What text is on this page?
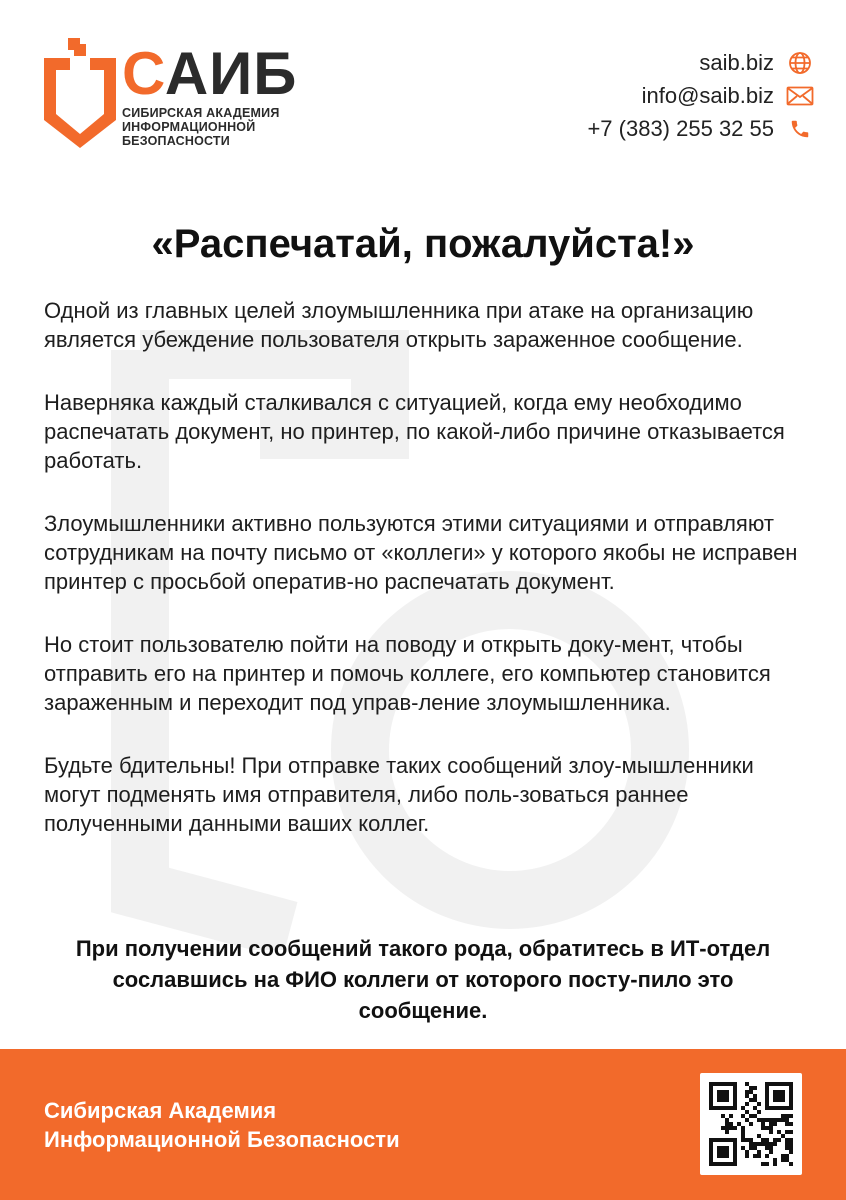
САИБ
СИБИРСКАЯ АКАДЕМИЯ
ИНФОРМАЦИОННОЙ
БЕЗОПАСНОСТИ
saib.biz
info@saib.biz
+7 (383) 255 32 55
«Распечатай, пожалуйста!»

Одной из главных целей злоумышленника при атаке на организацию является убеждение пользователя открыть зараженное сообщение.

Наверняка каждый сталкивался с ситуацией, когда ему необходимо распечатать документ, но принтер, по какой-либо причине отказывается работать.

Злоумышленники активно пользуются этими ситуациями и отправляют сотрудникам на почту письмо от «коллеги» у которого якобы не исправен принтер с просьбой оператив-но распечатать документ.

Но стоит пользователю пойти на поводу и открыть доку-мент, чтобы отправить его на принтер и помочь коллеге, его компьютер становится зараженным и переходит под управ-ление злоумышленника.

Будьте бдительны! При отправке таких сообщений злоу-мышленники могут подменять имя отправителя, либо поль-зоваться раннее полученными данными ваших коллег.

При получении сообщений такого рода, обратитесь в ИТ-отдел сославшись на ФИО коллеги от которого посту-пило это сообщение.
Сибирская Академия
Информационной Безопасности
